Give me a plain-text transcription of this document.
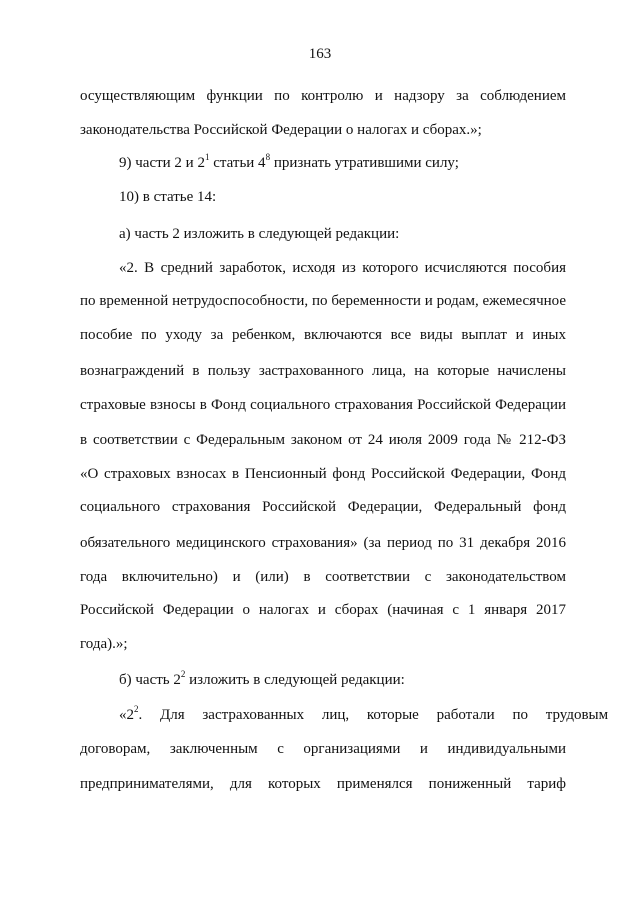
163
осуществляющим функции по контролю и надзору за соблюдением
законодательства Российской Федерации о налогах и сборах.»;
9) части 2 и $2^1$ статьи $4^8$ признать утратившими силу;
10) в статье 14:
а) часть 2 изложить в следующей редакции:
«2. В средний заработок, исходя из которого исчисляются пособия
по временной нетрудоспособности, по беременности и родам, ежемесячное
пособие по уходу за ребенком, включаются все виды выплат и иных
вознаграждений в пользу застрахованного лица, на которые начислены
страховые взносы в Фонд социального страхования Российской Федерации
в соответствии с Федеральным законом от 24 июля 2009 года № 212-ФЗ
«О страховых взносах в Пенсионный фонд Российской Федерации, Фонд
социального страхования Российской Федерации, Федеральный фонд
обязательного медицинского страхования» (за период по 31 декабря 2016
года включительно) и (или) в соответствии с законодательством
Российской Федерации о налогах и сборах (начиная с 1 января 2017
года).»;
б) часть $2^2$ изложить в следующей редакции:
«$2^2$. Для застрахованных лиц, которые работали по трудовым
договорам, заключенным с организациями и индивидуальными
предпринимателями, для которых применялся пониженный тариф
